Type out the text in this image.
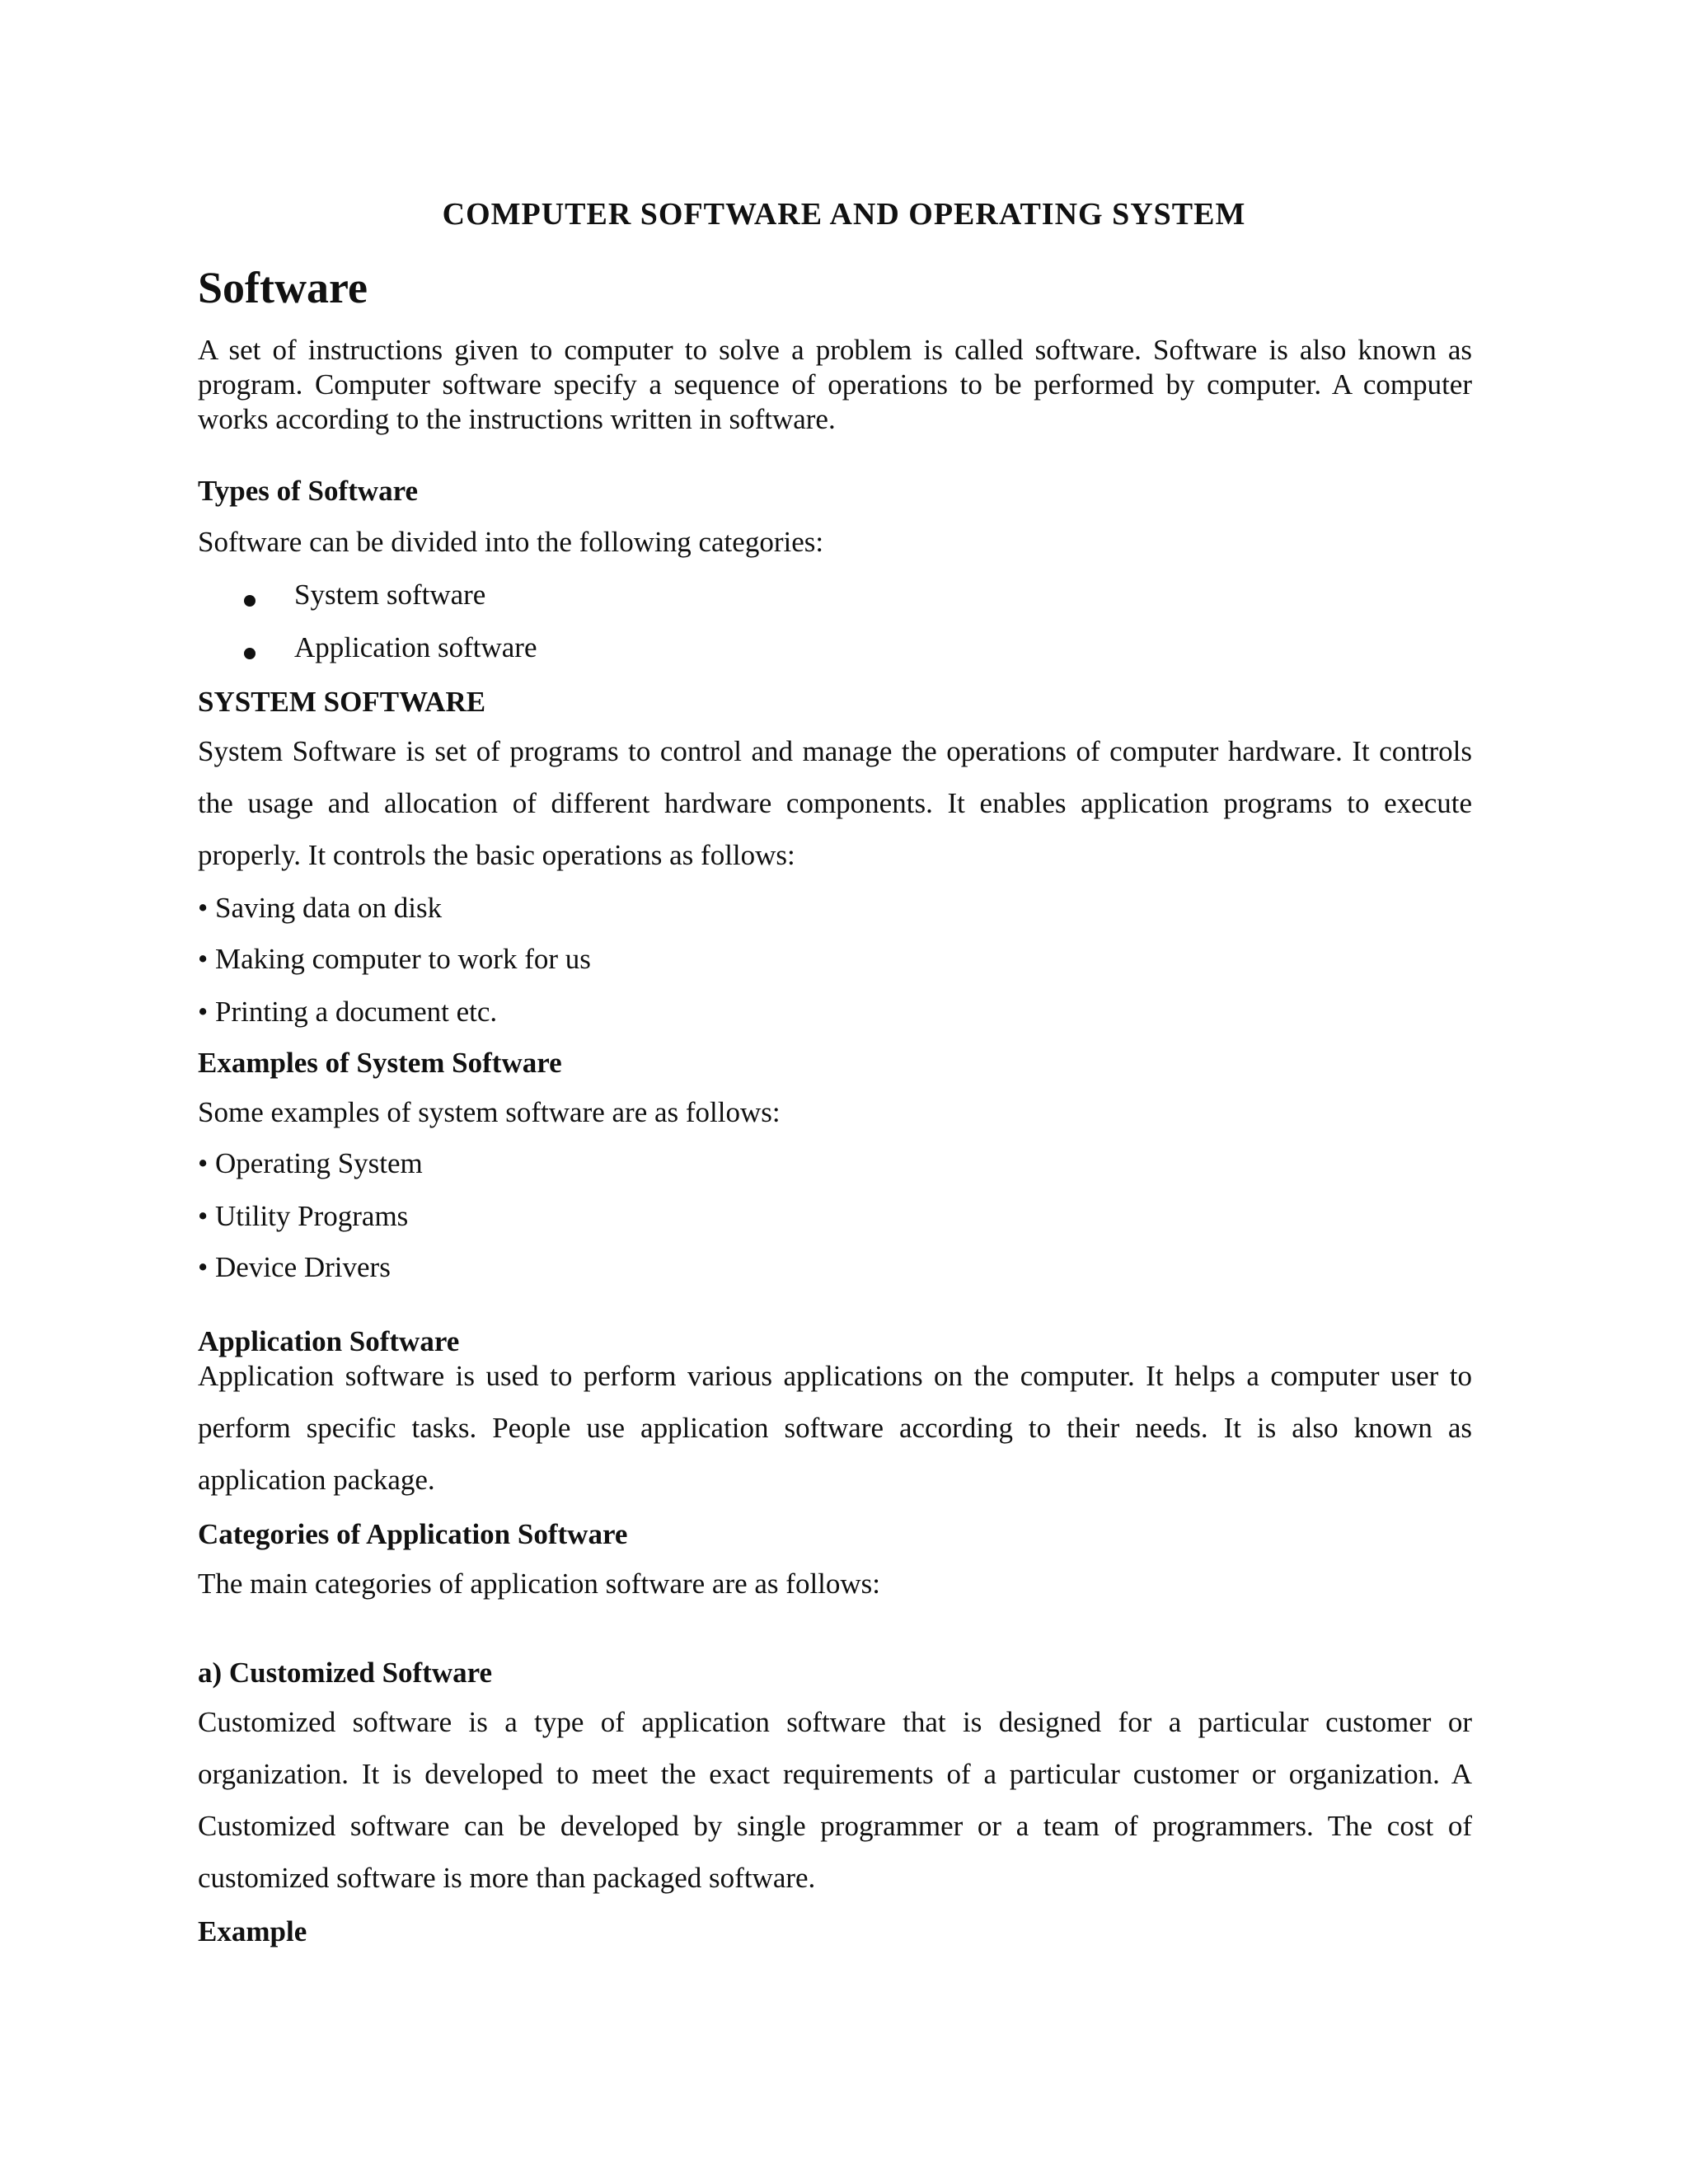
COMPUTER SOFTWARE AND OPERATING SYSTEM

Software

A set of instructions given to computer to solve a problem is called software. Software is also known as program. Computer software specify a sequence of operations to be performed by computer. A computer works according to the instructions written in software.

Types of Software

Software can be divided into the following categories:

System software
Application software

SYSTEM SOFTWARE

System Software is set of programs to control and manage the operations of computer hardware. It controls the usage and allocation of different hardware components. It enables application programs to execute properly. It controls the basic operations as follows:

• Saving data on disk

• Making computer to work for us

• Printing a document etc.

Examples of System Software

Some examples of system software are as follows:

• Operating System

• Utility Programs

• Device Drivers

Application Software

Application software is used to perform various applications on the computer. It helps a computer user to perform specific tasks. People use application software according to their needs. It is also known as application package.

Categories of Application Software

The main categories of application software are as follows:

a) Customized Software

Customized software is a type of application software that is designed for a particular customer or organization. It is developed to meet the exact requirements of a particular customer or organization. A Customized software can be developed by single programmer or a team of programmers. The cost of customized software is more than packaged software.

Example
